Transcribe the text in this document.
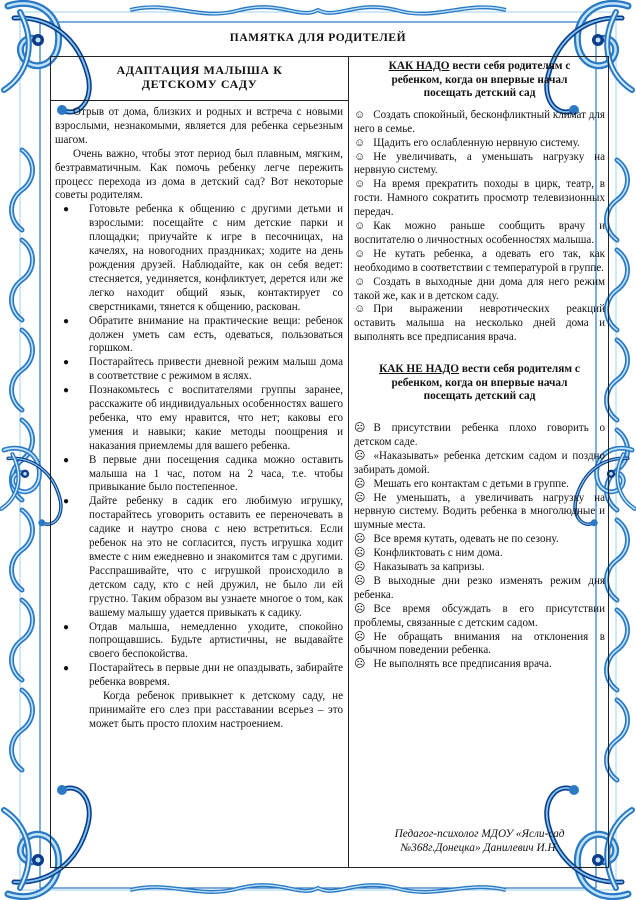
ПАМЯТКА ДЛЯ РОДИТЕЛЕЙ
АДАПТАЦИЯ МАЛЫША К
ДЕТСКОМУ САДУ

Отрыв от дома, близких и родных и встреча с новыми взрослыми, незнакомыми, является для ребенка серьезным шагом.

Очень важно, чтобы этот период был плавным, мягким, безтравматичным. Как помочь ребенку легче пережить процесс перехода из дома в детский сад? Вот некоторые советы родителям.

● Готовьте ребенка к общению с другими детьми и взрослыми: посещайте с ним детские парки и площадки; приучайте к игре в песочницах, на качелях, на новогодних праздниках; ходите на день рождения друзей. Наблюдайте, как он себя ведет: стесняется, уединяется, конфликтует, дерется или же легко находит общий язык, контактирует со сверстниками, тянется к общению, раскован.
● Обратите внимание на практические вещи: ребенок должен уметь сам есть, одеваться, пользоваться горшком.
● Постарайтесь привести дневной режим малыш дома в соответствие с режимом в яслях.
● Познакомьтесь с воспитателями группы заранее, расскажите об индивидуальных особенностях вашего ребенка, что ему нравится, что нет; каковы его умения и навыки; какие методы поощрения и наказания приемлемы для вашего ребенка.
● В первые дни посещения садика можно оставить малыша на 1 час, потом на 2 часа, т.е. чтобы привыкание было постепенное.
● Дайте ребенку в садик его любимую игрушку, постарайтесь уговорить оставить ее переночевать в садике и наутро снова с нею встретиться. Если ребенок на это не согласится, пусть игрушка ходит вместе с ним ежедневно и знакомится там с другими. Расспрашивайте, что с игрушкой происходило в детском саду, кто с ней дружил, не было ли ей грустно. Таким образом вы узнаете многое о том, как вашему малышу удается привыкать к садику.
● Отдав малыша, немедленно уходите, спокойно попрощавшись. Будьте артистичны, не выдавайте своего беспокойства.
● Постарайтесь в первые дни не опаздывать, забирайте ребенка вовремя.

Когда ребенок привыкнет к детскому саду, не принимайте его слез при расставании всерьез – это может быть просто плохим настроением.

КАК НАДО вести себя родителям с
ребенком, когда он впервые начал
посещать детский сад

☺ Создать спокойный, бесконфликтный климат для него в семье.

☺ Щадить его ослабленную нервную систему.

☺ Не увеличивать, а уменьшать нагрузку на нервную систему.

☺ На время прекратить походы в цирк, театр, в гости. Намного сократить просмотр телевизионных передач.

☺ Как можно раньше сообщить врачу и воспитателю о личностных особенностях малыша.

☺ Не кутать ребенка, а одевать его так, как необходимо в соответствии с температурой в группе.

☺ Создать в выходные дни дома для него режим такой же, как и в детском саду.

☺ При выражении невротических реакций оставить малыша на несколько дней дома и выполнять все предписания врача.

КАК НЕ НАДО вести себя родителям с
ребенком, когда он впервые начал
посещать детский сад

☹ В присутствии ребенка плохо говорить о детском саде.

☹ «Наказывать» ребенка детским садом и поздно забирать домой.

☹ Мешать его контактам с детьми в группе.

☹ Не уменьшать, а увеличивать нагрузку на нервную систему. Водить ребенка в многолюдные и шумные места.

☹ Все время кутать, одевать не по сезону.

☹ Конфликтовать с ним дома.

☹ Наказывать за капризы.

☹ В выходные дни резко изменять режим дня ребенка.

☹ Все время обсуждать в его присутствии проблемы, связанные с детским садом.

☹ Не обращать внимания на отклонения в обычном поведении ребенка.

☹ Не выполнять все предписания врача.

Педагог-психолог МДОУ «Ясли-сад
№368г.Донецка» Данилевич И.Н.
